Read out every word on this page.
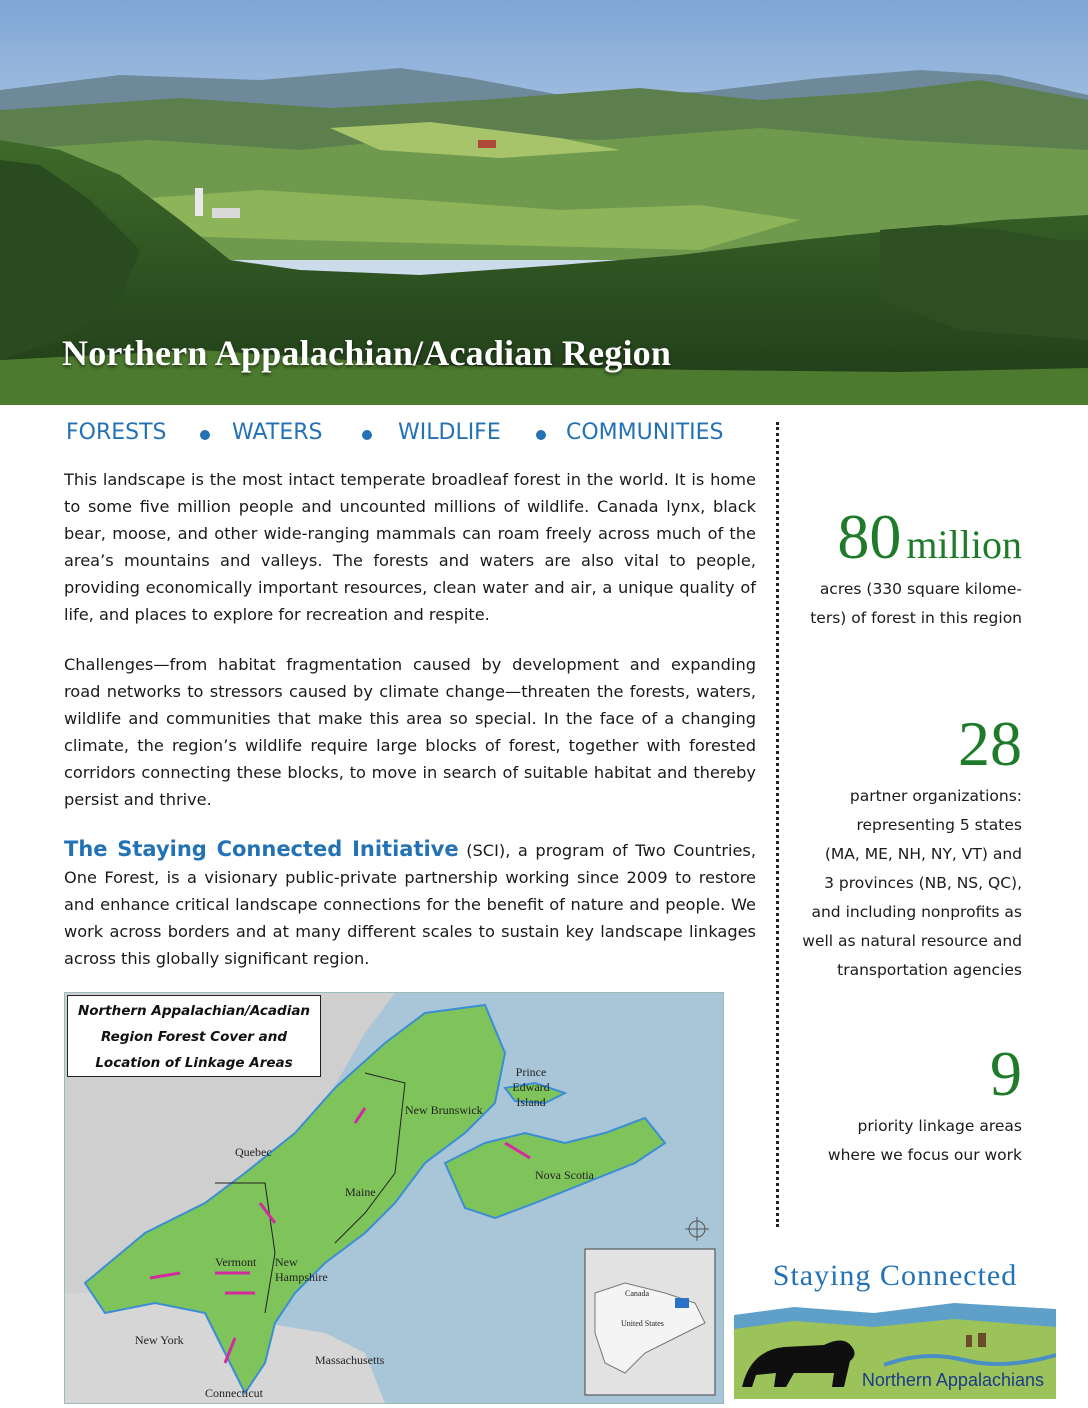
Northern Appalachian/Acadian Region
FORESTS	WATERS	WILDLIFE	COMMUNITIES

This landscape is the most intact temperate broadleaf forest in the world. It is home to some five million people and uncounted millions of wildlife. Canada lynx, black bear, moose, and other wide-ranging mammals can roam freely across much of the area’s mountains and valleys. The forests and waters are also vital to people, providing economically important resources, clean water and air, a unique quality of life, and places to explore for recreation and respite.

Challenges—from habitat fragmentation caused by development and expanding road networks to stressors caused by climate change—threaten the forests, waters, wildlife and communities that make this area so special. In the face of a changing climate, the region’s wildlife require large blocks of forest, together with forested corridors connecting these blocks, to move in search of suitable habitat and thereby persist and thrive.

The Staying Connected Initiative (SCI), a program of Two Countries, One Forest, is a visionary public-private partnership working since 2009 to restore and enhance critical landscape connections for the benefit of nature and people. We work across borders and at many different scales to sustain key landscape linkages across this globally significant region.

80 million
acres (330 square kilome-
ters) of forest in this region
28
partner organizations:
representing 5 states
(MA, ME, NH, NY, VT) and
3 provinces (NB, NS, QC),
and including nonprofits as
well as natural resource and
transportation agencies
9
priority linkage areas
where we focus our work
Northern Appalachian/Acadian
Region Forest Cover and
Location of Linkage Areas
New Brunswick
Prince Edward Island
Quebec
Maine
Nova Scotia
Vermont New Hampshire
New York
Massachusetts
Connecticut
Canada
United States
Staying Connected
Northern Appalachians
